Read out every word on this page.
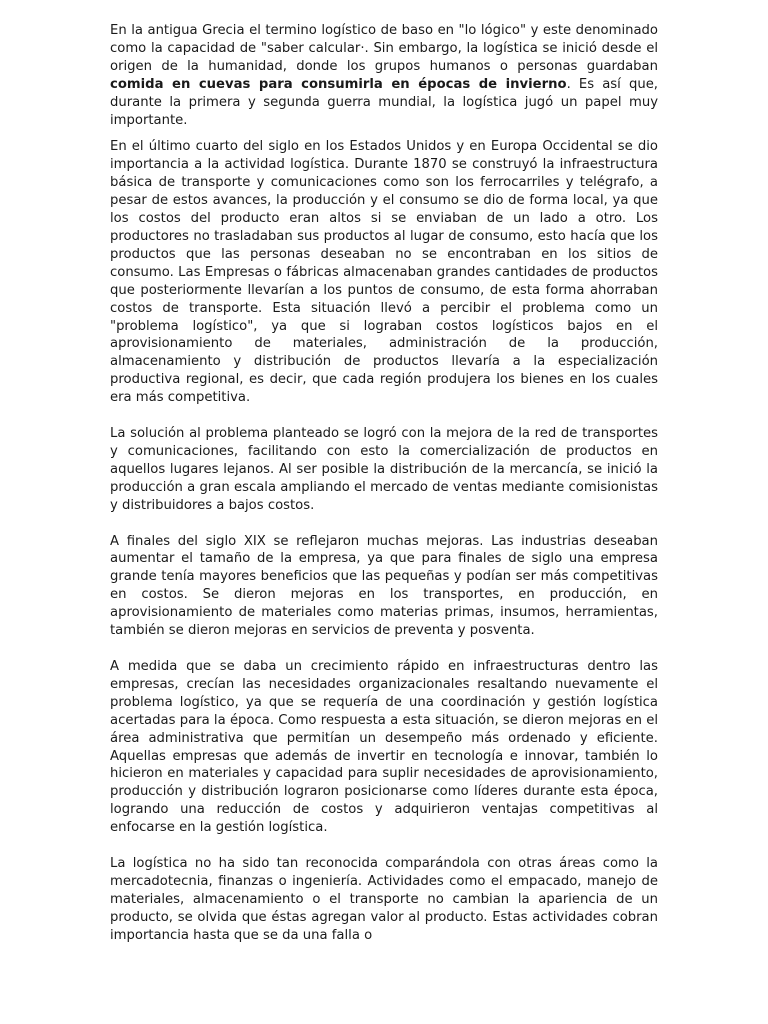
En la antigua Grecia el termino logístico de baso en "lo lógico" y este denominado como la capacidad de "saber calcular·. Sin embargo, la logística se inició desde el origen de la humanidad, donde los grupos humanos o personas guardaban comida en cuevas para consumirla en épocas de invierno. Es así que, durante la primera y segunda guerra mundial, la logística jugó un papel muy importante.

En el último cuarto del siglo en los Estados Unidos y en Europa Occidental se dio importancia a la actividad logística. Durante 1870 se construyó la infraestructura básica de transporte y comunicaciones como son los ferrocarriles y telégrafo, a pesar de estos avances, la producción y el consumo se dio de forma local, ya que los costos del producto eran altos si se enviaban de un lado a otro. Los productores no trasladaban sus productos al lugar de consumo, esto hacía que los productos que las personas deseaban no se encontraban en los sitios de consumo. Las Empresas o fábricas almacenaban grandes cantidades de productos que posteriormente llevarían a los puntos de consumo, de esta forma ahorraban costos de transporte. Esta situación llevó a percibir el problema como un "problema logístico", ya que si lograban costos logísticos bajos en el aprovisionamiento de materiales, administración de la producción, almacenamiento y distribución de productos llevaría a la especialización productiva regional, es decir, que cada región produjera los bienes en los cuales era más competitiva.

La solución al problema planteado se logró con la mejora de la red de transportes y comunicaciones, facilitando con esto la comercialización de productos en aquellos lugares lejanos. Al ser posible la distribución de la mercancía, se inició la producción a gran escala ampliando el mercado de ventas mediante comisionistas y distribuidores a bajos costos.

A finales del siglo XIX se reflejaron muchas mejoras. Las industrias deseaban aumentar el tamaño de la empresa, ya que para finales de siglo una empresa grande tenía mayores beneficios que las pequeñas y podían ser más competitivas en costos. Se dieron mejoras en los transportes, en producción, en aprovisionamiento de materiales como materias primas, insumos, herramientas, también se dieron mejoras en servicios de preventa y posventa.

A medida que se daba un crecimiento rápido en infraestructuras dentro las empresas, crecían las necesidades organizacionales resaltando nuevamente el problema logístico, ya que se requería de una coordinación y gestión logística acertadas para la época. Como respuesta a esta situación, se dieron mejoras en el área administrativa que permitían un desempeño más ordenado y eficiente. Aquellas empresas que además de invertir en tecnología e innovar, también lo hicieron en materiales y capacidad para suplir necesidades de aprovisionamiento, producción y distribución lograron posicionarse como líderes durante esta época, logrando una reducción de costos y adquirieron ventajas competitivas al enfocarse en la gestión logística.

La logística no ha sido tan reconocida comparándola con otras áreas como la mercadotecnia, finanzas o ingeniería. Actividades como el empacado, manejo de materiales, almacenamiento o el transporte no cambian la apariencia de un producto, se olvida que éstas agregan valor al producto. Estas actividades cobran importancia hasta que se da una falla o
